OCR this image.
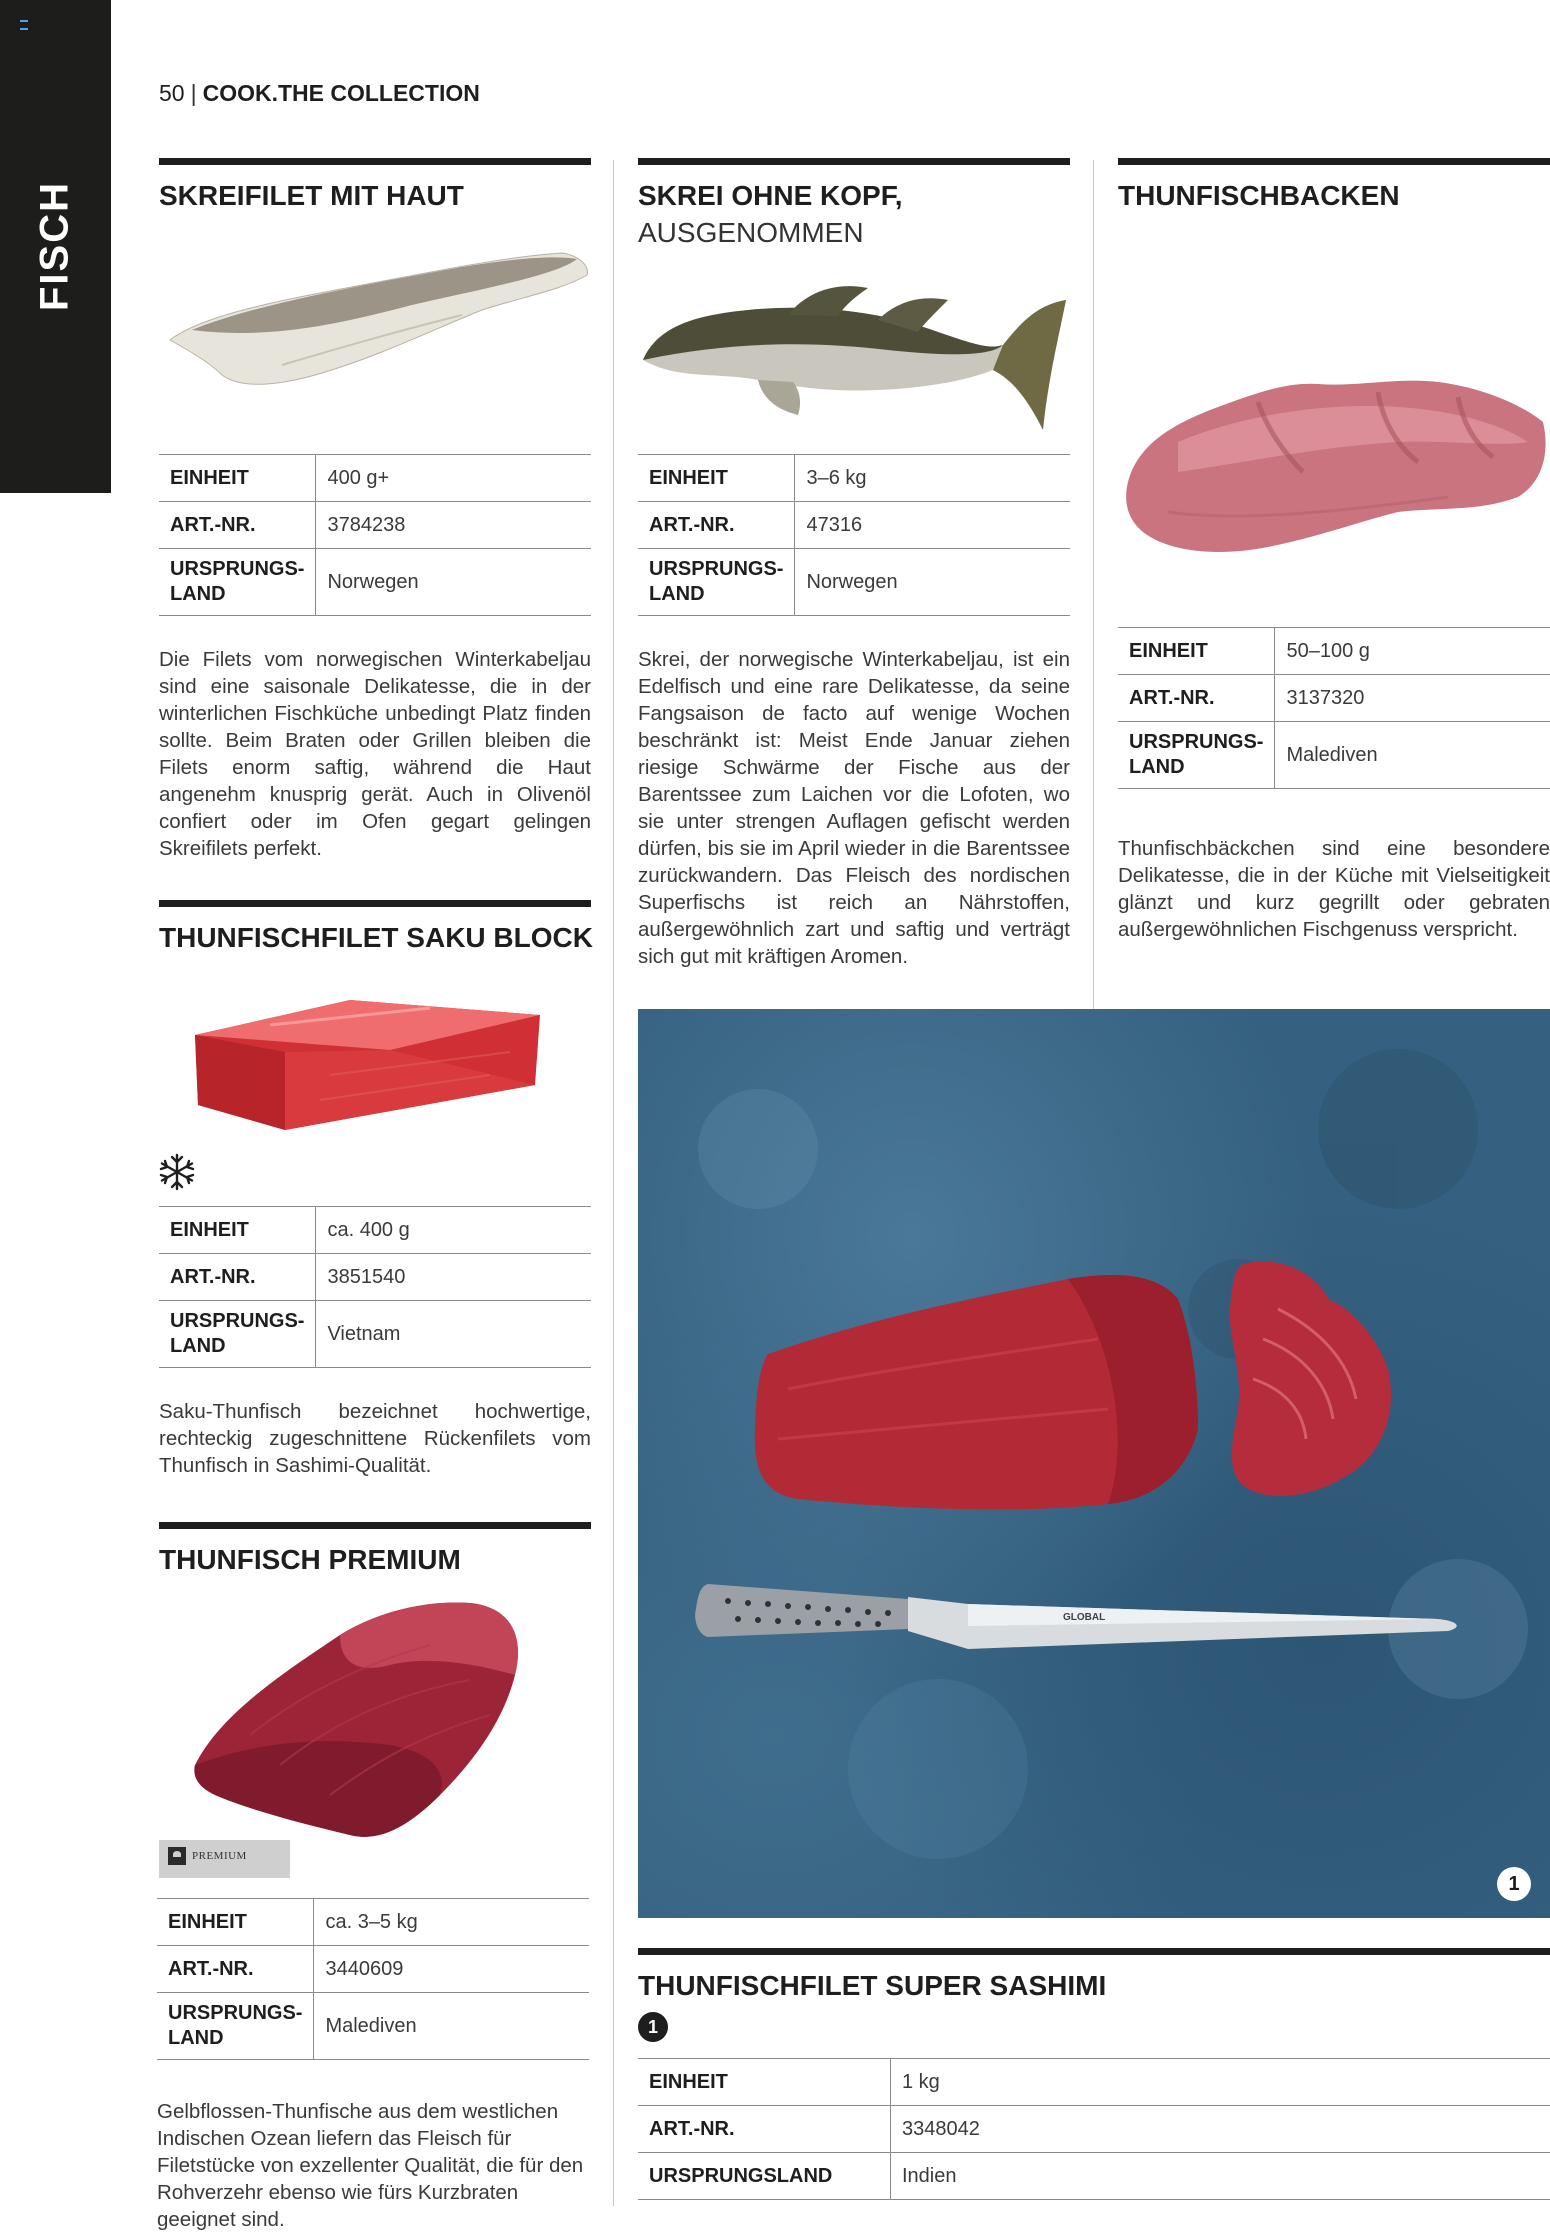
FISCH
50 | COOK.THE COLLECTION
SKREIFILET MIT HAUT
EINHEIT	400 g+
ART.-NR.	3784238
URSPRUNGS-
LAND	Norwegen
Die Filets vom norwegischen Winterkabeljau sind eine saisonale Delikatesse, die in der winterlichen Fischküche unbedingt Platz finden sollte. Beim Braten oder Grillen bleiben die Filets enorm saftig, während die Haut angenehm knusprig gerät. Auch in Olivenöl confiert oder im Ofen gegart gelingen Skreifilets perfekt.
SKREI OHNE KOPF,
AUSGENOMMEN
EINHEIT	3–6 kg
ART.-NR.	47316
URSPRUNGS-
LAND	Norwegen
Skrei, der norwegische Winterkabeljau, ist ein Edelfisch und eine rare Delikatesse, da seine Fangsaison de facto auf wenige Wochen beschränkt ist: Meist Ende Januar ziehen riesige Schwärme der Fische aus der Barentssee zum Laichen vor die Lofoten, wo sie unter strengen Auflagen gefischt werden dürfen, bis sie im April wieder in die Barentssee zurückwandern. Das Fleisch des nordischen Superfischs ist reich an Nährstoffen, außergewöhnlich zart und saftig und verträgt sich gut mit kräftigen Aromen.
THUNFISCHBACKEN
EINHEIT	50–100 g
ART.-NR.	3137320
URSPRUNGS-
LAND	Malediven
Thunfischbäckchen sind eine besondere Delikatesse, die in der Küche mit Vielseitigkeit glänzt und kurz gegrillt oder gebraten außergewöhnlichen Fischgenuss verspricht.
THUNFISCHFILET SAKU BLOCK
EINHEIT	ca. 400 g
ART.-NR.	3851540
URSPRUNGS-
LAND	Vietnam
Saku-Thunfisch bezeichnet hochwertige, rechteckig zugeschnittene Rückenfilets vom Thunfisch in Sashimi-Qualität.
THUNFISCH PREMIUM
PREMIUM
EINHEIT	ca. 3–5 kg
ART.-NR.	3440609
URSPRUNGS-
LAND	Malediven
Gelbflossen-Thunfische aus dem westlichen Indischen Ozean liefern das Fleisch für Filetstücke von exzellenter Qualität, die für den Rohverzehr ebenso wie fürs Kurzbraten geeignet sind.
GLOBAL
1
THUNFISCHFILET SUPER SASHIMI
1
EINHEIT	1 kg
ART.-NR.	3348042
URSPRUNGSLAND	Indien
